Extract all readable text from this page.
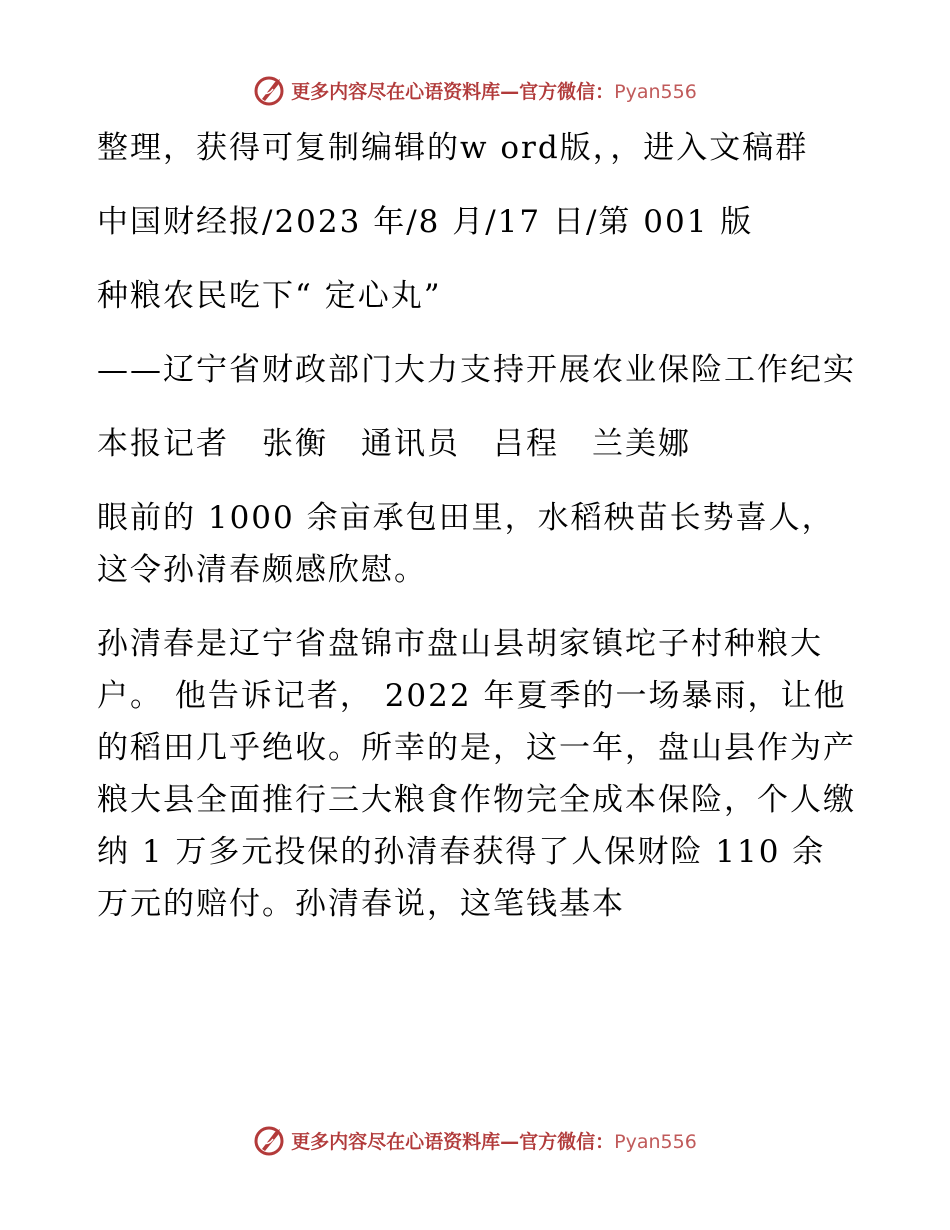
更多内容尽在心语资料库—官方微信：Pyan556

整理，获得可复制编辑的w ord版，，进入文稿群

中国财经报/2023 年/8 月/17 日/第 001 版

种粮农民吃下“ 定心丸”

——辽宁省财政部门大力支持开展农业保险工作纪实

本报记者　张衡　通讯员　吕程　兰美娜

眼前的 1000 余亩承包田里，水稻秧苗长势喜人，这令孙清春颇感欣慰。

孙清春是辽宁省盘锦市盘山县胡家镇坨子村种粮大户。 他告诉记者， 2022 年夏季的一场暴雨，让他的稻田几乎绝收。所幸的是，这一年，盘山县作为产粮大县全面推行三大粮食作物完全成本保险，个人缴纳 1 万多元投保的孙清春获得了人保财险 110 余万元的赔付。孙清春说，这笔钱基本

更多内容尽在心语资料库—官方微信：Pyan556
